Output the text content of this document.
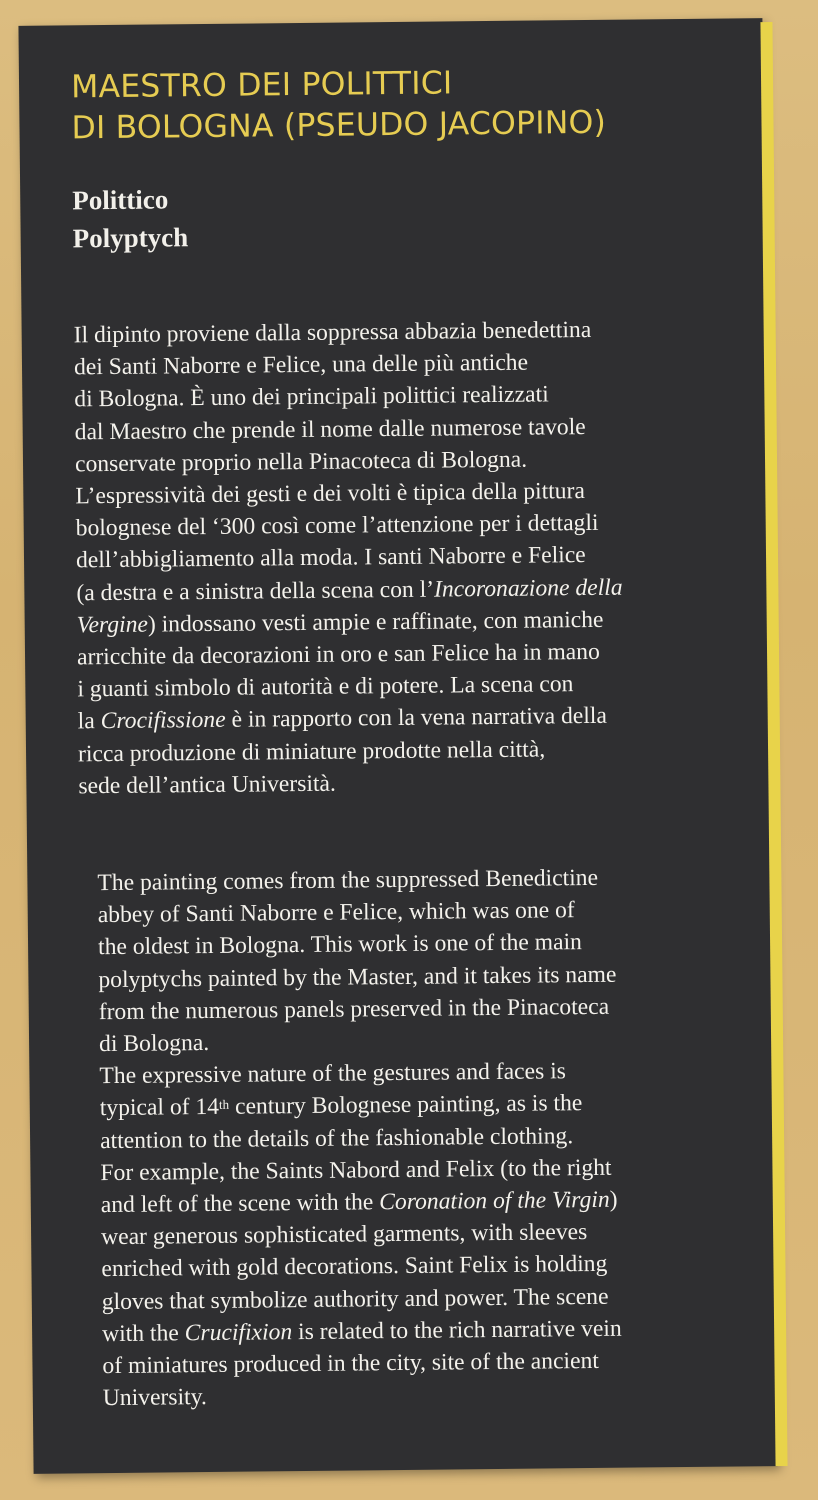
MAESTRO DEI POLITTICI
DI BOLOGNA (PSEUDO JACOPINO)
Polittico
Polyptych
Il dipinto proviene dalla soppressa abbazia benedettina
dei Santi Naborre e Felice, una delle più antiche
di Bologna. È uno dei principali polittici realizzati
dal Maestro che prende il nome dalle numerose tavole
conservate proprio nella Pinacoteca di Bologna.
L’espressività dei gesti e dei volti è tipica della pittura
bolognese del ‘300 così come l’attenzione per i dettagli
dell’abbigliamento alla moda. I santi Naborre e Felice
(a destra e a sinistra della scena con l’Incoronazione della
Vergine) indossano vesti ampie e raffinate, con maniche
arricchite da decorazioni in oro e san Felice ha in mano
i guanti simbolo di autorità e di potere. La scena con
la Crocifissione è in rapporto con la vena narrativa della
ricca produzione di miniature prodotte nella città,
sede dell’antica Università.
The painting comes from the suppressed Benedictine
abbey of Santi Naborre e Felice, which was one of
the oldest in Bologna. This work is one of the main
polyptychs painted by the Master, and it takes its name
from the numerous panels preserved in the Pinacoteca
di Bologna.
The expressive nature of the gestures and faces is
typical of 14th century Bolognese painting, as is the
attention to the details of the fashionable clothing.
For example, the Saints Nabord and Felix (to the right
and left of the scene with the Coronation of the Virgin)
wear generous sophisticated garments, with sleeves
enriched with gold decorations. Saint Felix is holding
gloves that symbolize authority and power. The scene
with the Crucifixion is related to the rich narrative vein
of miniatures produced in the city, site of the ancient
University.
